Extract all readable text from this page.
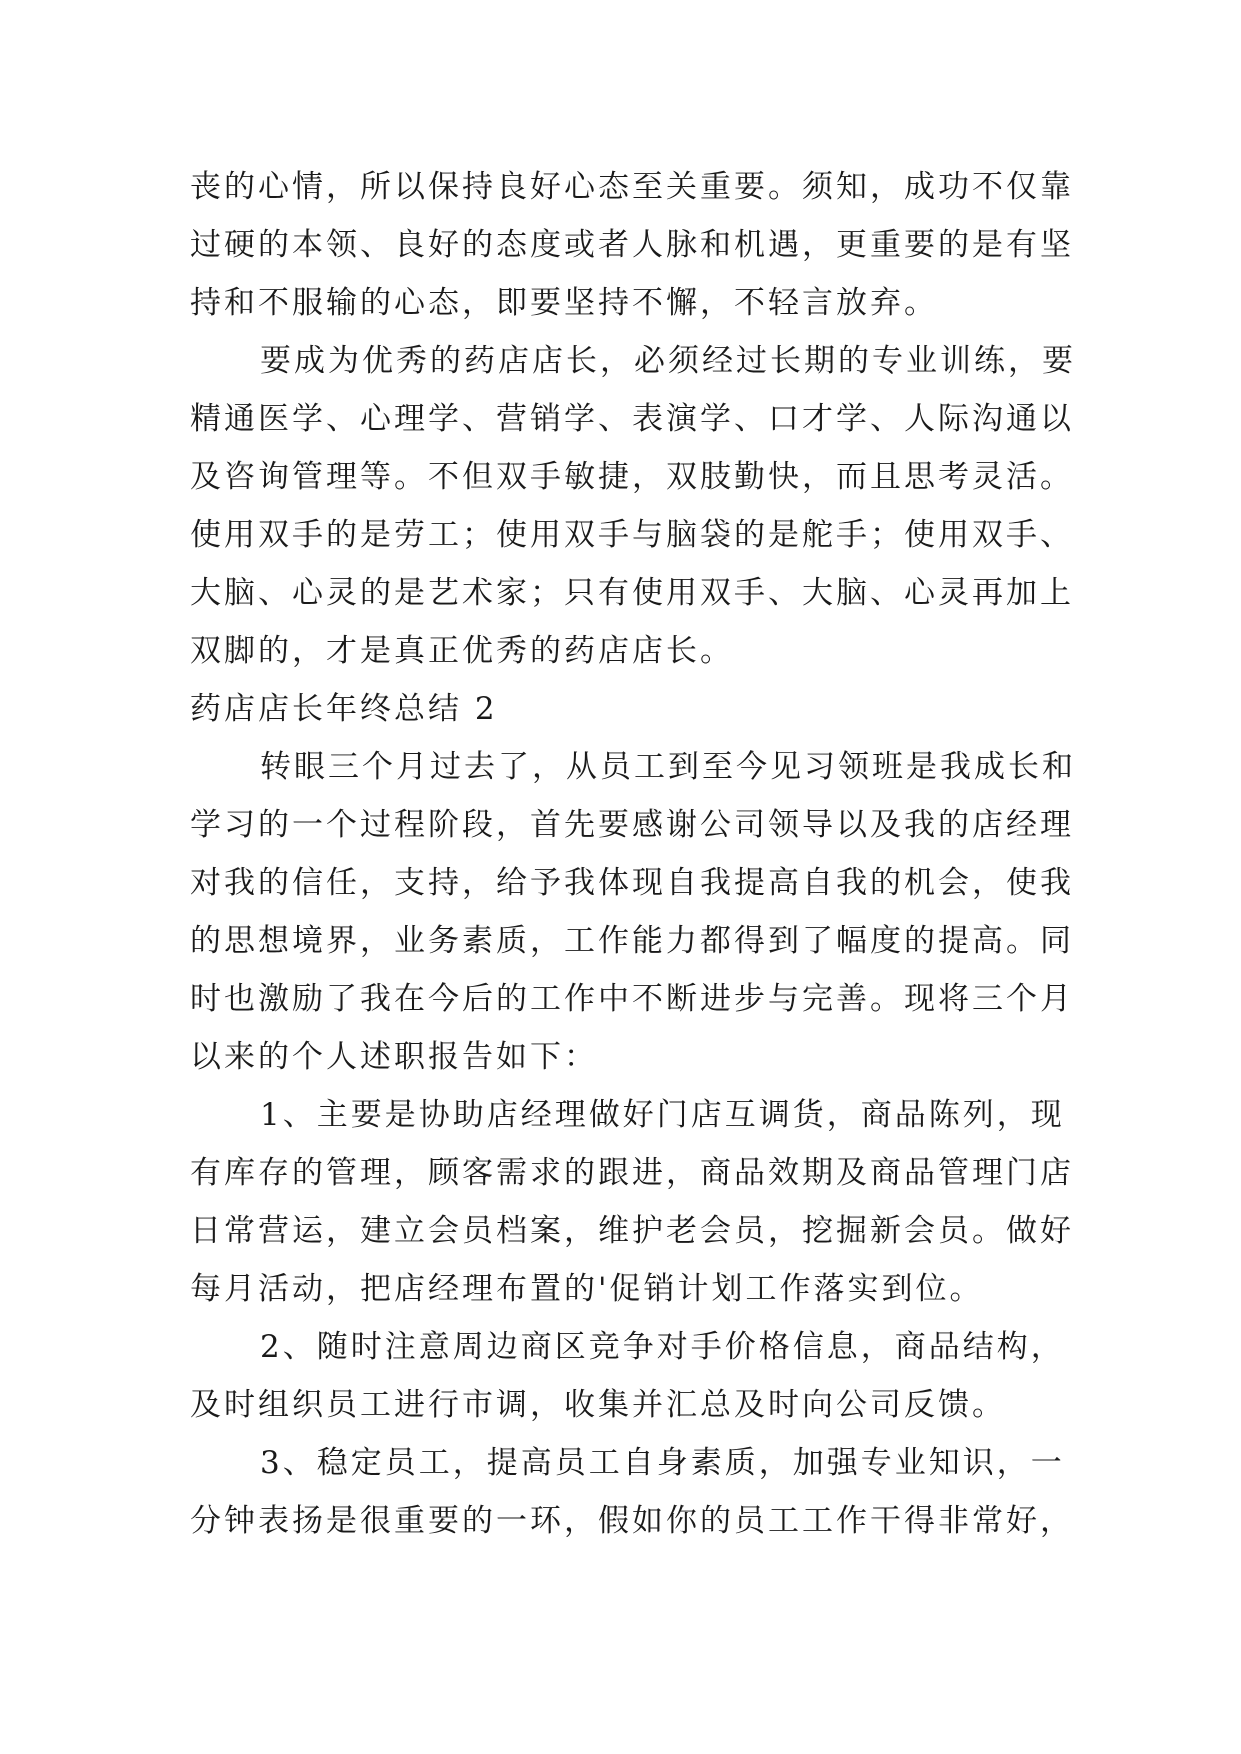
丧的心情，所以保持良好心态至关重要。须知，成功不仅靠
过硬的本领、良好的态度或者人脉和机遇，更重要的是有坚
持和不服输的心态，即要坚持不懈，不轻言放弃。
要成为优秀的药店店长，必须经过长期的专业训练，要
精通医学、心理学、营销学、表演学、口才学、人际沟通以
及咨询管理等。不但双手敏捷，双肢勤快，而且思考灵活。
使用双手的是劳工；使用双手与脑袋的是舵手；使用双手、
大脑、心灵的是艺术家；只有使用双手、大脑、心灵再加上
双脚的，才是真正优秀的药店店长。
药店店长年终总结 2
转眼三个月过去了，从员工到至今见习领班是我成长和
学习的一个过程阶段，首先要感谢公司领导以及我的店经理
对我的信任，支持，给予我体现自我提高自我的机会，使我
的思想境界，业务素质，工作能力都得到了幅度的提高。同
时也激励了我在今后的工作中不断进步与完善。现将三个月
以来的个人述职报告如下：
1、主要是协助店经理做好门店互调货，商品陈列，现
有库存的管理，顾客需求的跟进，商品效期及商品管理门店
日常营运，建立会员档案，维护老会员，挖掘新会员。做好
每月活动，把店经理布置的'促销计划工作落实到位。
2、随时注意周边商区竞争对手价格信息，商品结构，
及时组织员工进行市调，收集并汇总及时向公司反馈。
3、稳定员工，提高员工自身素质，加强专业知识，一
分钟表扬是很重要的一环，假如你的员工工作干得非常好，
